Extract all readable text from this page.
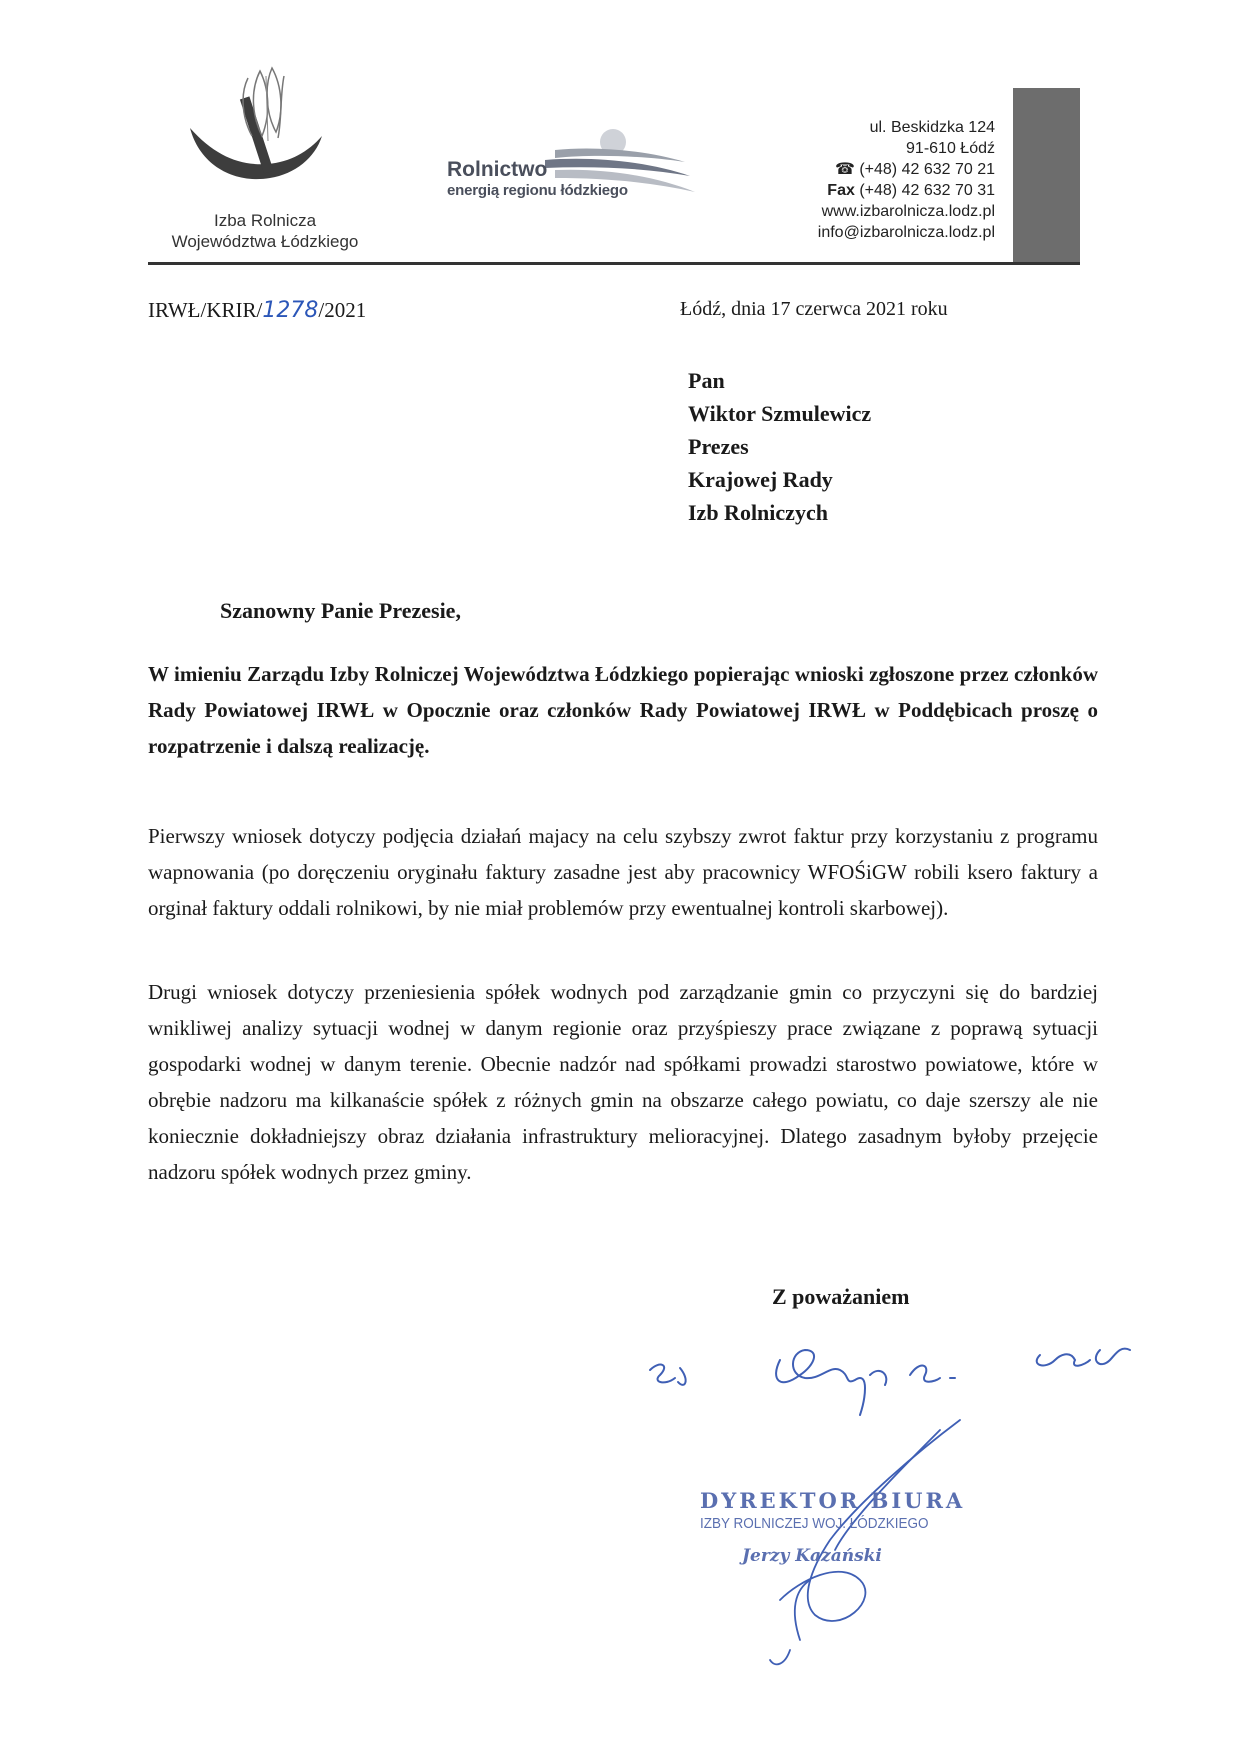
Izba Rolnicza
Województwa Łódzkiego
Rolnictwo
energią regionu łódzkiego
ul. Beskidzka 124
91-610 Łódź
☎ (+48) 42 632 70 21
Fax (+48) 42 632 70 31
www.izbarolnicza.lodz.pl
info@izbarolnicza.lodz.pl
IRWŁ/KRIR/1278/2021	Łódź, dnia 17 czerwca 2021 roku
Pan
Wiktor Szmulewicz
Prezes
Krajowej Rady
Izb Rolniczych
Szanowny Panie Prezesie,
W imieniu Zarządu Izby Rolniczej Województwa Łódzkiego popierając wnioski zgłoszone przez członków Rady Powiatowej IRWŁ w Opocznie oraz członków Rady Powiatowej IRWŁ w Poddębicach proszę o rozpatrzenie i dalszą realizację.
Pierwszy wniosek dotyczy podjęcia działań majacy na celu szybszy zwrot faktur przy korzystaniu z programu wapnowania (po doręczeniu oryginału faktury zasadne jest aby pracownicy WFOŚiGW robili ksero faktury a orginał faktury oddali rolnikowi, by nie miał problemów przy ewentualnej kontroli skarbowej).
Drugi wniosek dotyczy przeniesienia spółek wodnych pod zarządzanie gmin co przyczyni się do bardziej wnikliwej analizy sytuacji wodnej w danym regionie oraz przyśpieszy prace związane z poprawą sytuacji gospodarki wodnej w danym terenie. Obecnie nadzór nad spółkami prowadzi starostwo powiatowe, które w obrębie nadzoru ma kilkanaście spółek z różnych gmin na obszarze całego powiatu, co daje szerszy ale nie koniecznie dokładniejszy obraz działania infrastruktury melioracyjnej. Dlatego zasadnym byłoby przejęcie nadzoru spółek wodnych przez gminy.
Z poważaniem
DYREKTOR BIURA
IZBY ROLNICZEJ WOJ. ŁÓDZKIEGO
Jerzy Kazański
